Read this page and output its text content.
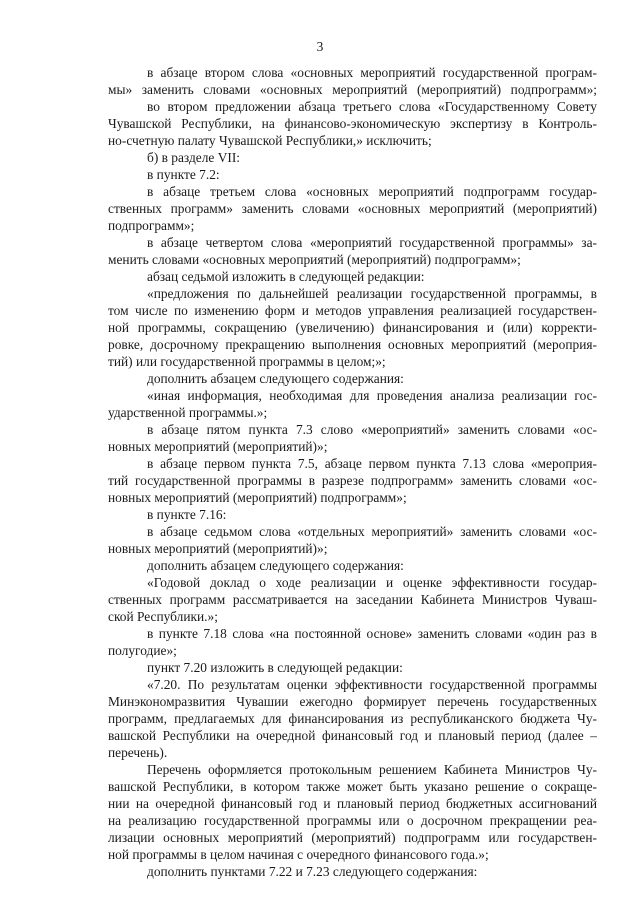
3
в абзаце втором слова «основных мероприятий государственной програм-
мы» заменить словами «основных мероприятий (мероприятий) подпрограмм»;
во втором предложении абзаца третьего слова «Государственному Совету
Чувашской Республики, на финансово-экономическую экспертизу в Контроль-
но-счетную палату Чувашской Республики,» исключить;
б) в разделе VII:
в пункте 7.2:
в абзаце третьем слова «основных мероприятий подпрограмм государ-
ственных программ» заменить словами «основных мероприятий (мероприятий)
подпрограмм»;
в абзаце четвертом слова «мероприятий государственной программы» за-
менить словами «основных мероприятий (мероприятий) подпрограмм»;
абзац седьмой изложить в следующей редакции:
«предложения по дальнейшей реализации государственной программы, в
том числе по изменению форм и методов управления реализацией государствен-
ной программы, сокращению (увеличению) финансирования и (или) корректи-
ровке, досрочному прекращению выполнения основных мероприятий (мероприя-
тий) или государственной программы в целом;»;
дополнить абзацем следующего содержания:
«иная информация, необходимая для проведения анализа реализации гос-
ударственной программы.»;
в абзаце пятом пункта 7.3 слово «мероприятий» заменить словами «ос-
новных мероприятий (мероприятий)»;
в абзаце первом пункта 7.5, абзаце первом пункта 7.13 слова «мероприя-
тий государственной программы в разрезе подпрограмм» заменить словами «ос-
новных мероприятий (мероприятий) подпрограмм»;
в пункте 7.16:
в абзаце седьмом слова «отдельных мероприятий» заменить словами «ос-
новных мероприятий (мероприятий)»;
дополнить абзацем следующего содержания:
«Годовой доклад о ходе реализации и оценке эффективности государ-
ственных программ рассматривается на заседании Кабинета Министров Чуваш-
ской Республики.»;
в пункте 7.18 слова «на постоянной основе» заменить словами «один раз в
полугодие»;
пункт 7.20 изложить в следующей редакции:
«7.20. По результатам оценки эффективности государственной программы
Минэкономразвития Чувашии ежегодно формирует перечень государственных
программ, предлагаемых для финансирования из республиканского бюджета Чу-
вашской Республики на очередной финансовый год и плановый период (далее –
перечень).
Перечень оформляется протокольным решением Кабинета Министров Чу-
вашской Республики, в котором также может быть указано решение о сокраще-
нии на очередной финансовый год и плановый период бюджетных ассигнований
на реализацию государственной программы или о досрочном прекращении реа-
лизации основных мероприятий (мероприятий) подпрограмм или государствен-
ной программы в целом начиная с очередного финансового года.»;
дополнить пунктами 7.22 и 7.23 следующего содержания:
